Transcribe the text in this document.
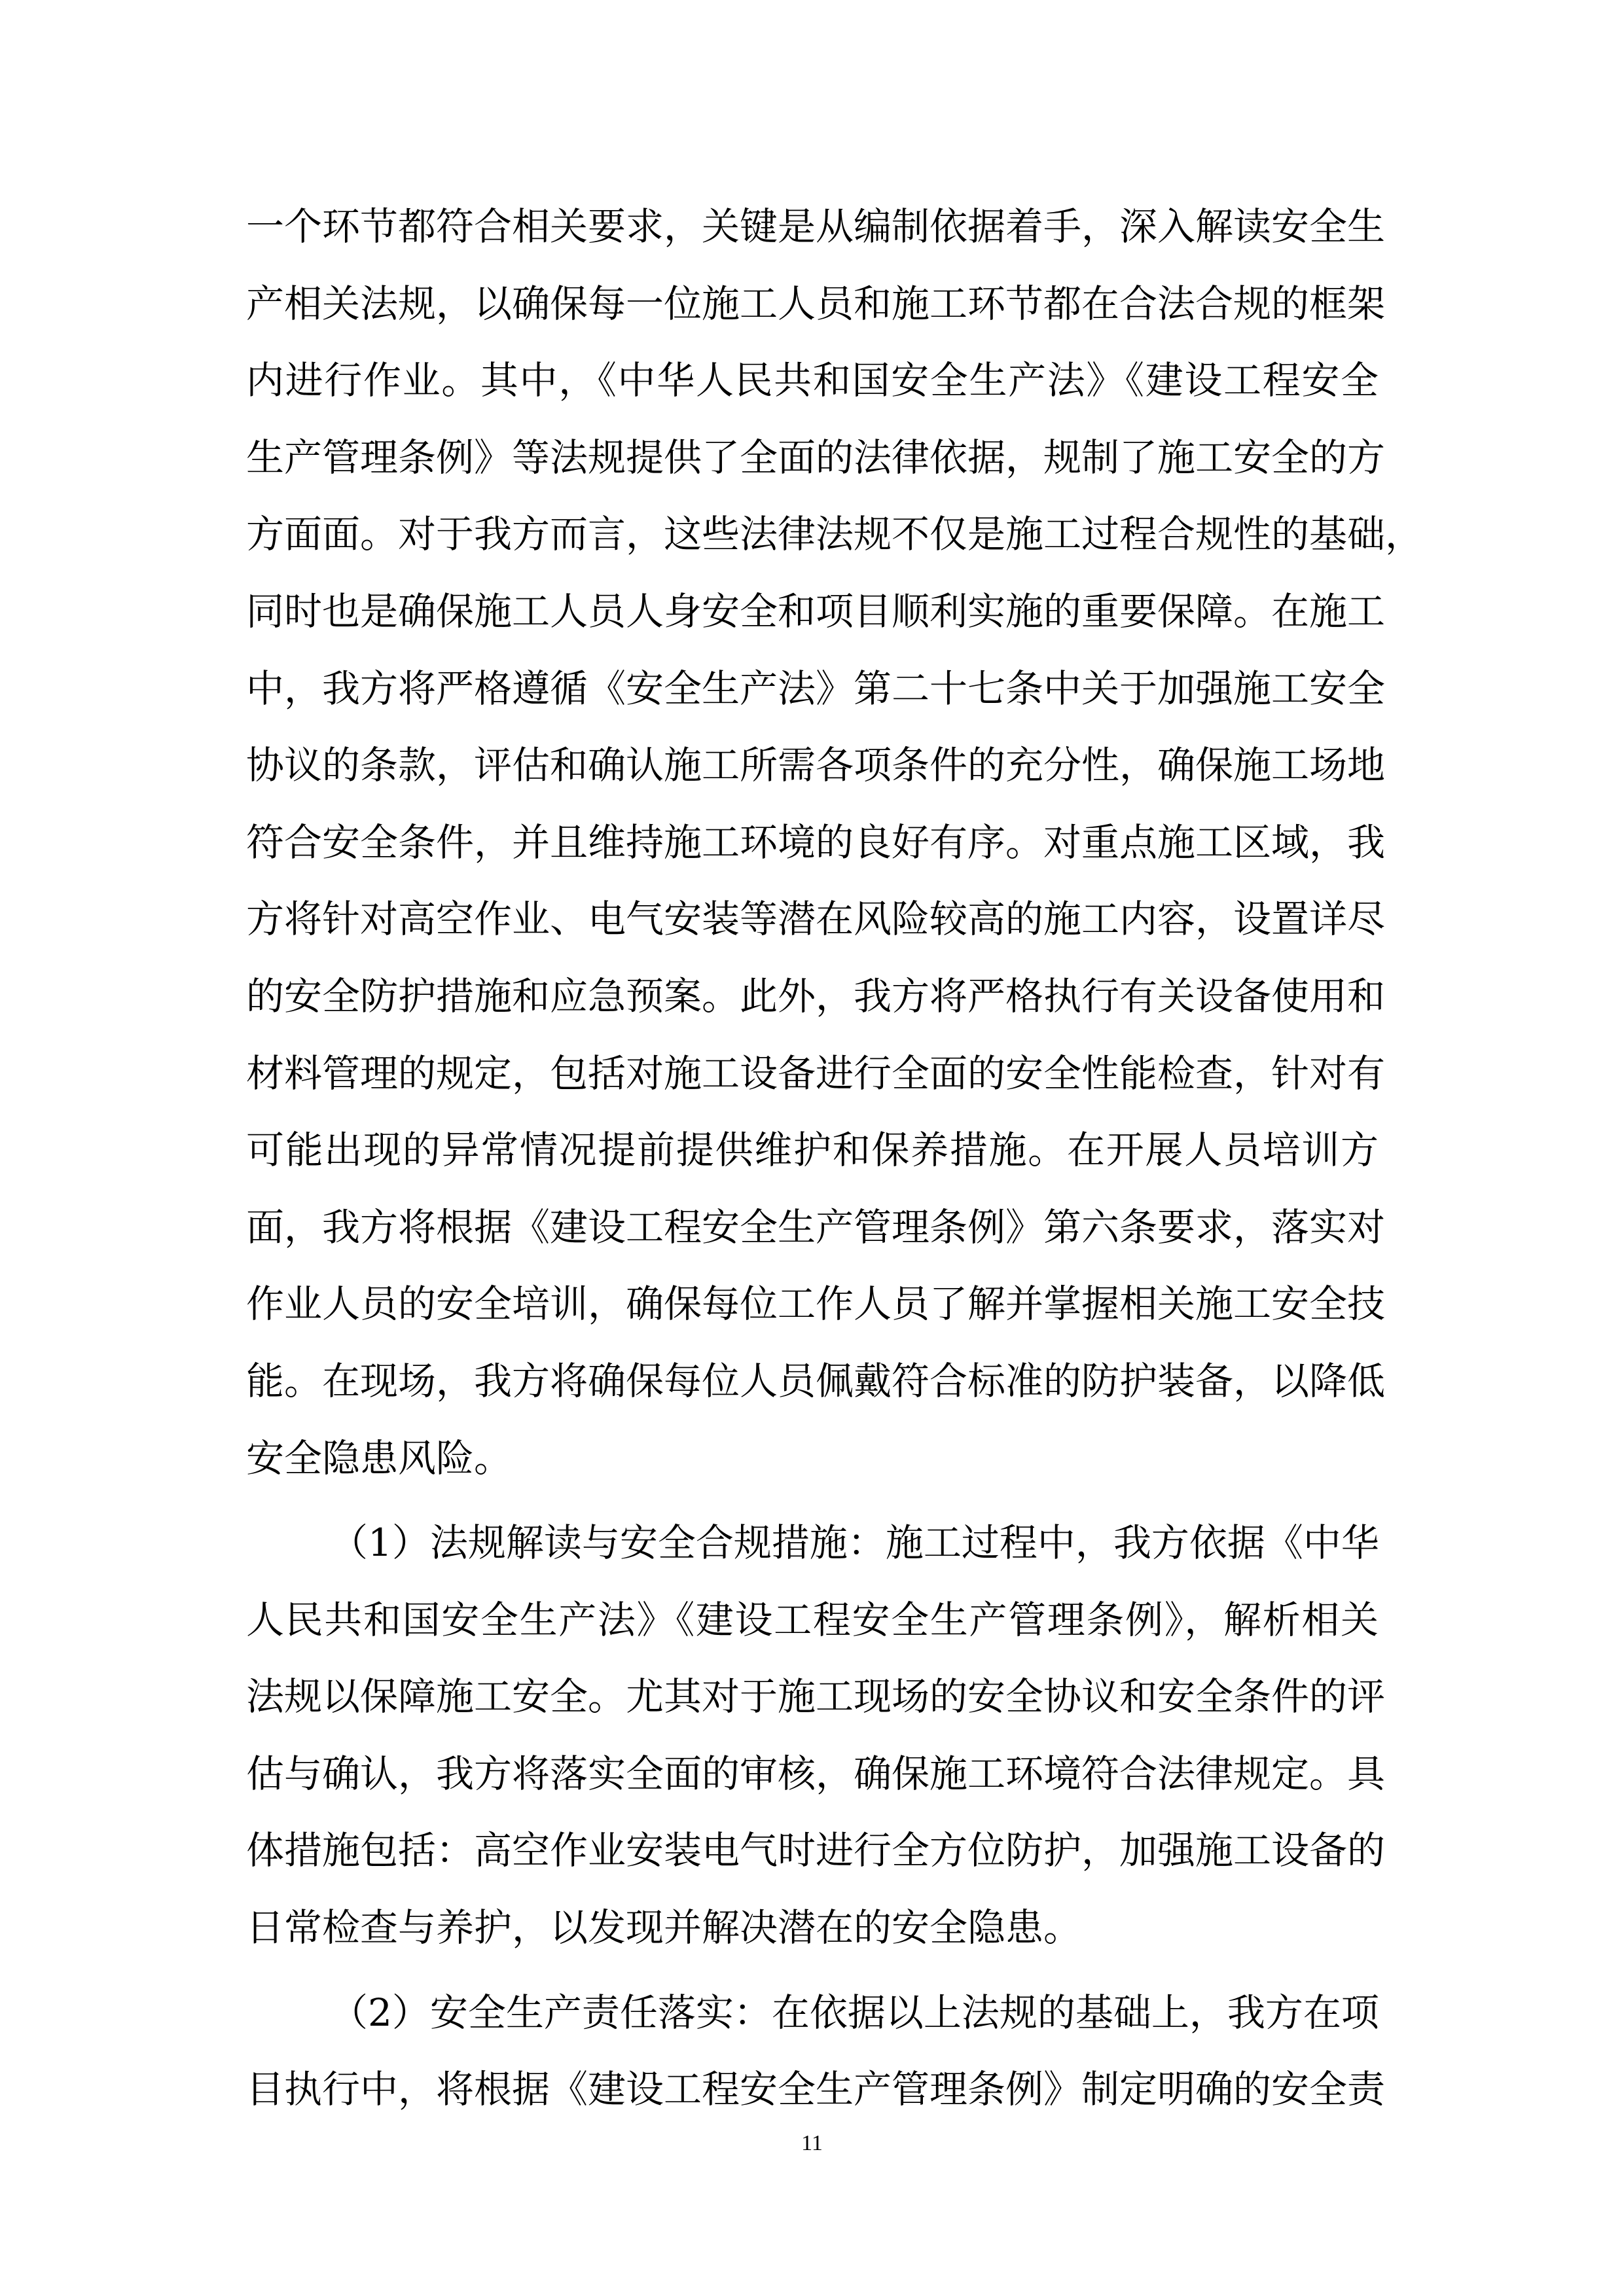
一个环节都符合相关要求，关键是从编制依据着手，深入解读安全生
产相关法规，以确保每一位施工人员和施工环节都在合法合规的框架
内进行作业。其中，《中华人民共和国安全生产法》《建设工程安全
生产管理条例》等法规提供了全面的法律依据，规制了施工安全的方
方面面。对于我方而言，这些法律法规不仅是施工过程合规性的基础，
同时也是确保施工人员人身安全和项目顺利实施的重要保障。在施工
中，我方将严格遵循《安全生产法》第二十七条中关于加强施工安全
协议的条款，评估和确认施工所需各项条件的充分性，确保施工场地
符合安全条件，并且维持施工环境的良好有序。对重点施工区域，我
方将针对高空作业、电气安装等潜在风险较高的施工内容，设置详尽
的安全防护措施和应急预案。此外，我方将严格执行有关设备使用和
材料管理的规定，包括对施工设备进行全面的安全性能检查，针对有
可能出现的异常情况提前提供维护和保养措施。在开展人员培训方
面，我方将根据《建设工程安全生产管理条例》第六条要求，落实对
作业人员的安全培训，确保每位工作人员了解并掌握相关施工安全技
能。在现场，我方将确保每位人员佩戴符合标准的防护装备，以降低
安全隐患风险。
（1）法规解读与安全合规措施：施工过程中，我方依据《中华
人民共和国安全生产法》《建设工程安全生产管理条例》，解析相关
法规以保障施工安全。尤其对于施工现场的安全协议和安全条件的评
估与确认，我方将落实全面的审核，确保施工环境符合法律规定。具
体措施包括：高空作业安装电气时进行全方位防护，加强施工设备的
日常检查与养护，以发现并解决潜在的安全隐患。
（2）安全生产责任落实：在依据以上法规的基础上，我方在项
目执行中，将根据《建设工程安全生产管理条例》制定明确的安全责
11
